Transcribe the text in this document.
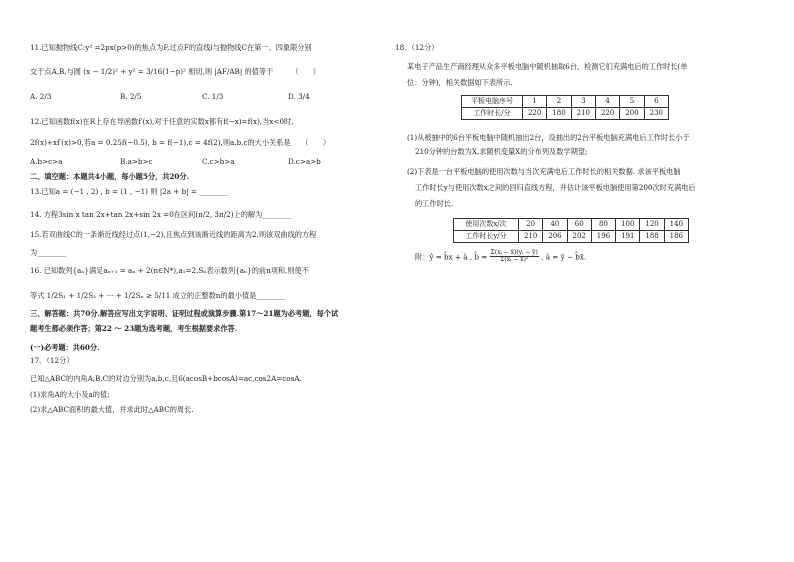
11.已知抛物线C:y² =2px(p>0)的焦点为F,过点F的直线l与抛物线C在第一、四象限分别
交于点A,B,与圆 (x − 1/2)² + y² = 3/16(1−p)² 相切,则 |AF/AB| 的值等于　　　（　　）
A. 2/3	B. 2/5	C. 1/3	D. 3/4
12.已知函数f(x)在R上存在导函数f′(x),对于任意的实数x都有f(−x)=f(x),当x<0时,
2f(x)+xf′(x)>0,若a = 0.25f(−0.5), b = f(−1),c = 4f(2),则a,b,c的大小关系是　　（　　）
A.b>c>a	B.a>b>c	C.c>b>a	D.c>a>b
二、填空题：本题共4小题，每小题5分，共20分.
13.已知a = (−1 , 2) , b = (1 , −1) 则 |2a + b| = ________
14. 方程3sin x tan 2x+tan 2x+sin 2x =0在区间(π/2, 3π/2)上的解为________
15.若双曲线C的一条渐近线经过点(1,−2),且焦点到该渐近线的距离为2,则该双曲线的方程
为________
16. 已知数列{aₙ}满足aₙ₊₁ = aₙ + 2(n∈N*),a₁=2,Sₙ表示数列{aₙ}的前n项和,则使不
等式 1/2S₁ + 1/2S₂ + ··· + 1/2Sₙ ≥ 5/11 成立的正整数n的最小值是________
三、解答题：共70分.解答应写出文字说明、证明过程或演算步骤.第17～21题为必考题，每个试
题考生都必须作答；第22 ～ 23题为选考题，考生根据要求作答.
(一)必考题：共60分.
17．（12分）
已知△ABC的内角A,B,C的对边分别为a,b,c,且6(acosB+bcosA)=ac,cos2A=cosA.
(1)求角A的大小及a的值;
(2)求△ABC面积的最大值，并求此时△ABC的周长.
18．（12分）
某电子产品生产商经理从众多平板电脑中随机抽取6台，检测它们充满电后的工作时长(单
位：分钟)，相关数据如下表所示.
平板电脑序号	1	2	3	4	5	6
工作时长/分	220	180	210	220	200	230
(1)从被抽中的6台平板电脑中随机抽出2台，设抽出的2台平板电脑充满电后工作时长小于
210分钟的台数为X,求随机变量X的分布列及数学期望;
(2)下表是一台平板电脑的使用次数与当次充满电后工作时长的相关数据. 求该平板电脑
工作时长y与使用次数x之间的回归直线方程，并估计该平板电脑使用第200次时充满电后
的工作时长.
使用次数x/次	20	40	60	80	100	120	140
工作时长y/分	210	206	202	196	191	188	186
附：ŷ = b̂x + â , b̂ = $\frac{\text{Σ(xᵢ − x̄)(yᵢ − ȳ)}}{\text{Σ(xᵢ − x̄)²}}$ , â = ȳ − b̂x̄.
